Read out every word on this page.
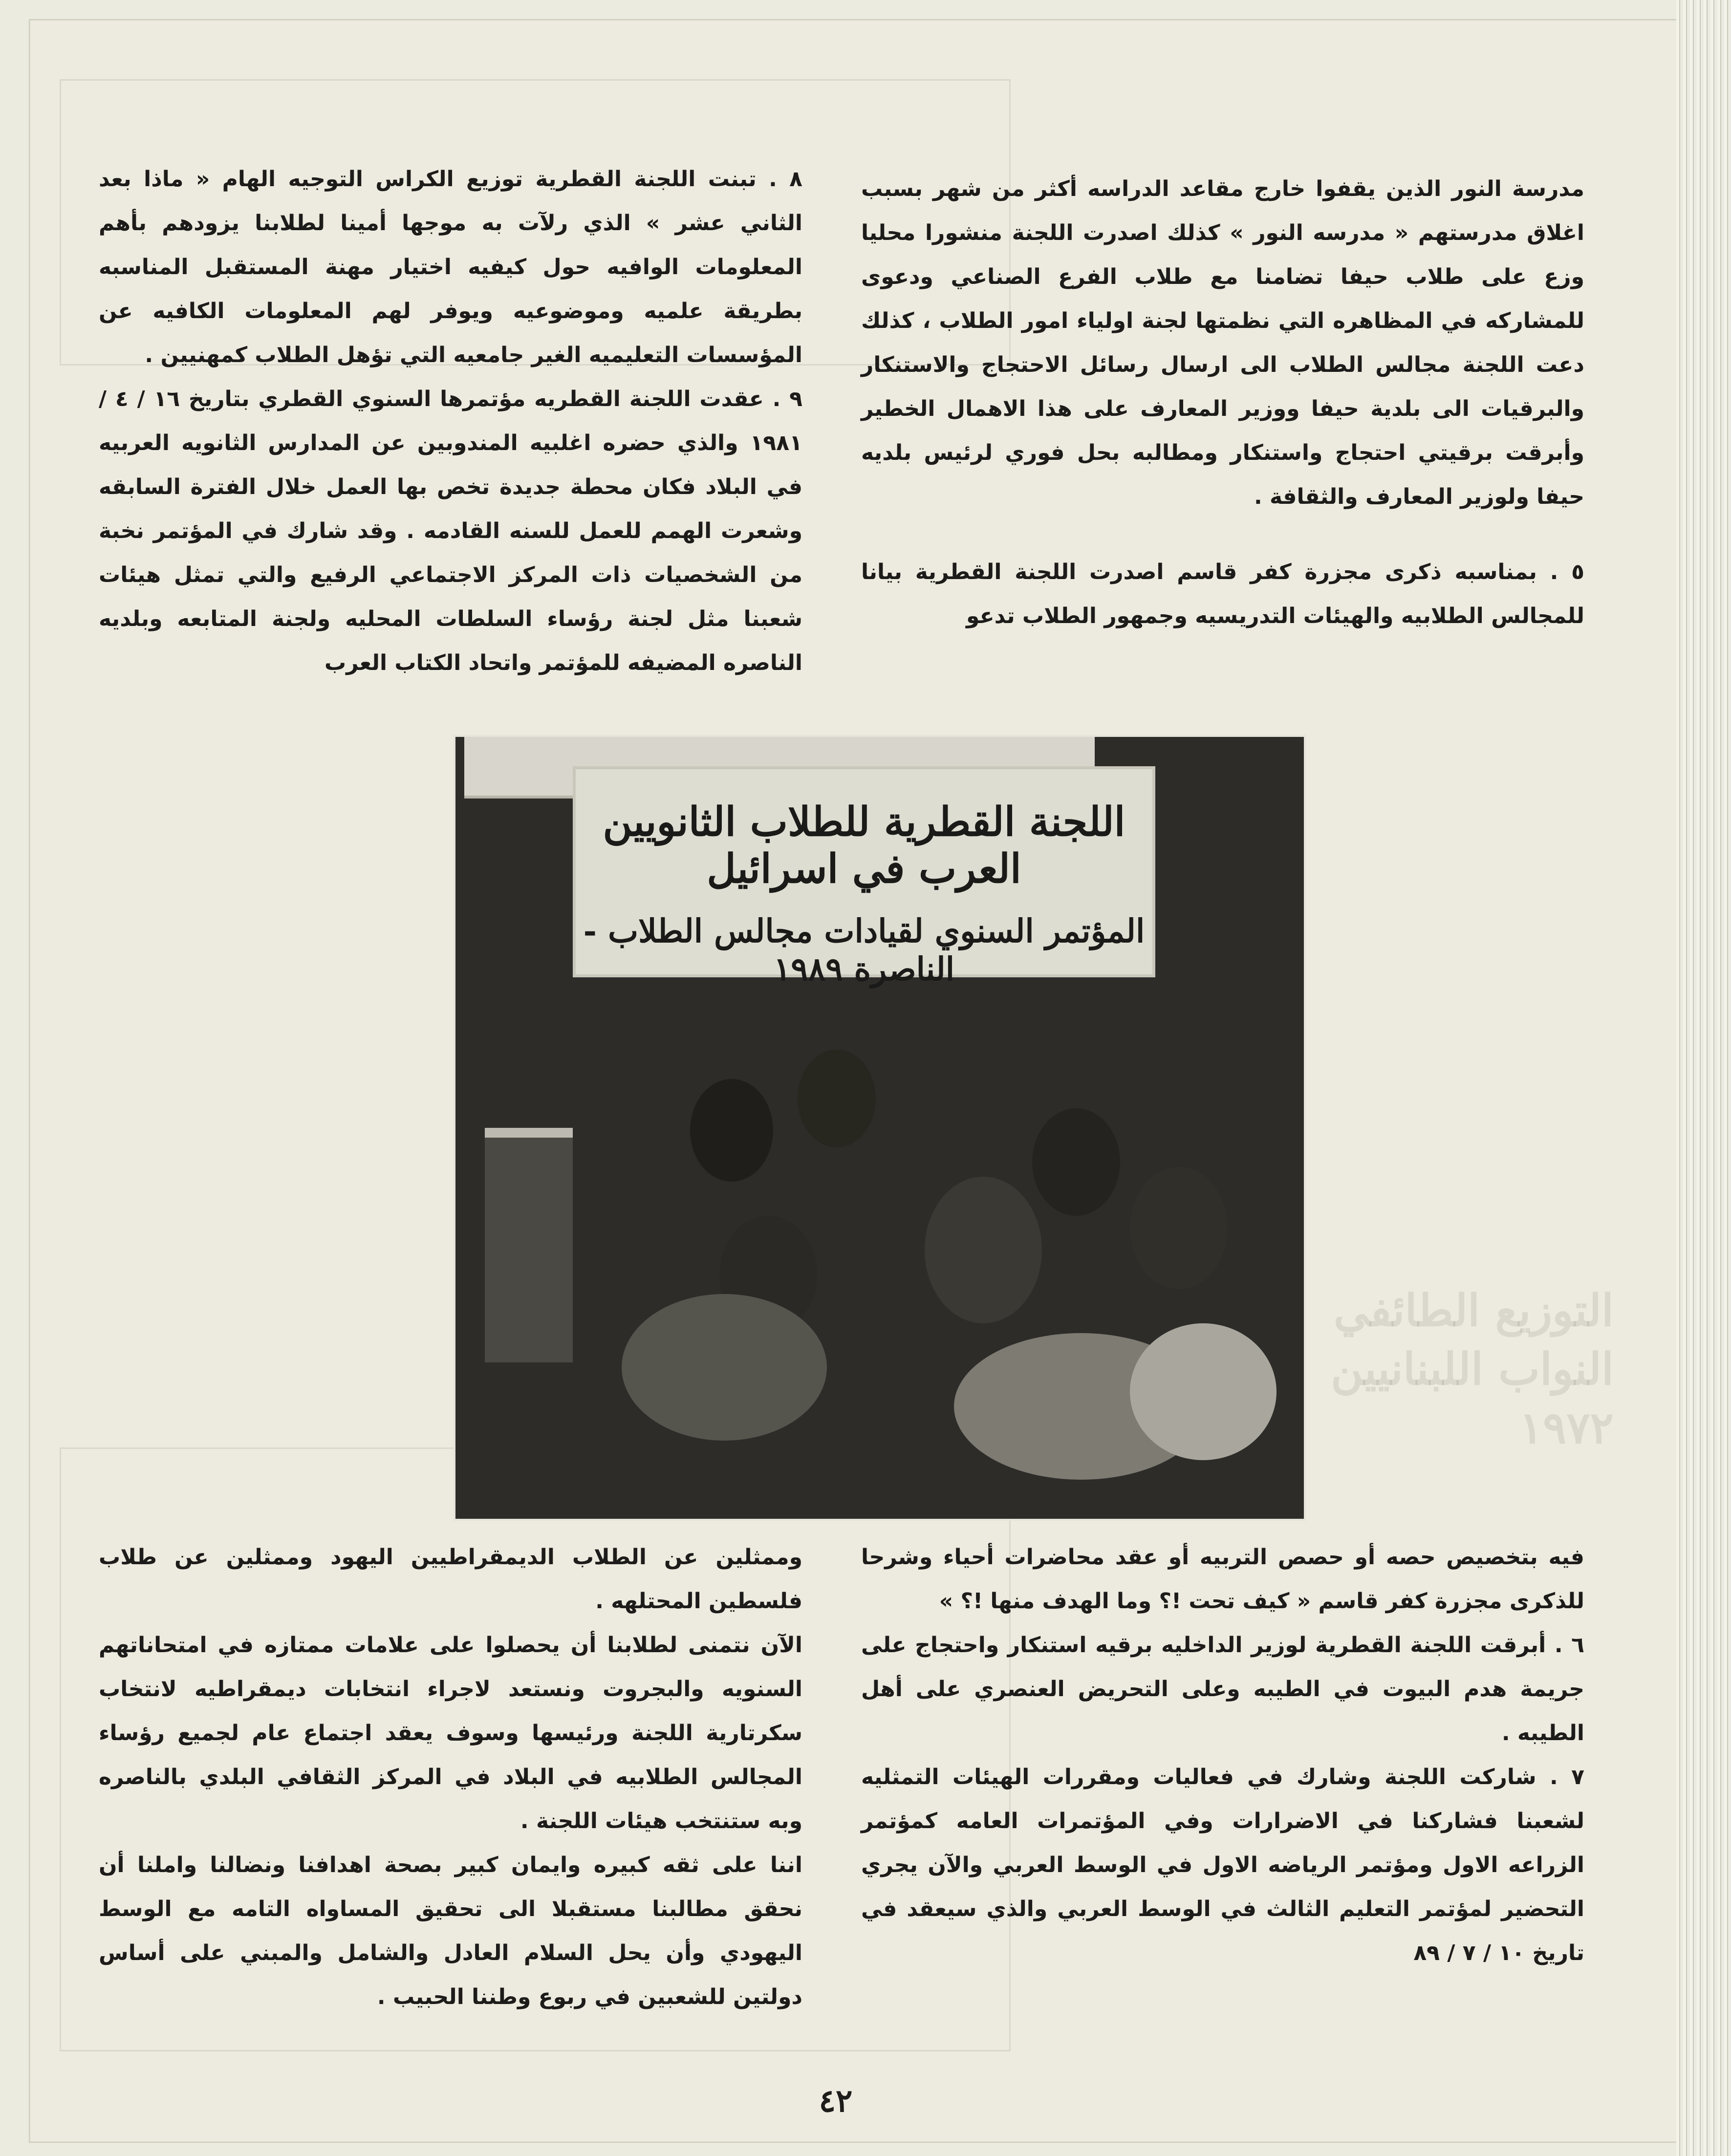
التوزيع الطائفي النواب اللبنانيين ١٩٧٢

مدرسة النور الذين يقفوا خارج مقاعد الدراسه أكثر من شهر بسبب اغلاق مدرستهم « مدرسه النور » كذلك اصدرت اللجنة منشورا محليا وزع على طلاب حيفا تضامنا مع طلاب الفرع الصناعي ودعوى للمشاركه في المظاهره التي نظمتها لجنة اولياء امور الطلاب ، كذلك دعت اللجنة مجالس الطلاب الى ارسال رسائل الاحتجاج والاستنكار والبرقيات الى بلدية حيفا ووزير المعارف على هذا الاهمال الخطير وأبرقت برقيتي احتجاج واستنكار ومطالبه بحل فوري لرئيس بلديه حيفا ولوزير المعارف والثقافة .

٥ . بمناسبه ذكرى مجزرة كفر قاسم اصدرت اللجنة القطرية بيانا للمجالس الطلابيه والهيئات التدريسيه وجمهور الطلاب تدعو

٨ . تبنت اللجنة القطرية توزيع الكراس التوجيه الهام « ماذا بعد الثاني عشر » الذي رلآت به موجها أمينا لطلابنا يزودهم بأهم المعلومات الوافيه حول كيفيه اختيار مهنة المستقبل المناسبه بطريقة علميه وموضوعيه ويوفر لهم المعلومات الكافيه عن المؤسسات التعليميه الغير جامعيه التي تؤهل الطلاب كمهنيين .

٩ . عقدت اللجنة القطريه مؤتمرها السنوي القطري بتاريخ ١٦ / ٤ / ١٩٨١ والذي حضره اغلبيه المندوبين عن المدارس الثانويه العربيه في البلاد فكان محطة جديدة تخص بها العمل خلال الفترة السابقه وشعرت الهمم للعمل للسنه القادمه . وقد شارك في المؤتمر نخبة من الشخصيات ذات المركز الاجتماعي الرفيع والتي تمثل هيئات شعبنا مثل لجنة رؤساء السلطات المحليه ولجنة المتابعه وبلديه الناصره المضيفه للمؤتمر واتحاد الكتاب العرب

اللجنة القطرية للطلاب الثانويين العرب في اسرائيل
المؤتمر السنوي لقيادات مجالس الطلاب - الناصرة ١٩٨٩

فيه بتخصيص حصه أو حصص التربيه أو عقد محاضرات أحياء وشرحا للذكرى مجزرة كفر قاسم « كيف تحت !؟ وما الهدف منها !؟ »

٦ . أبرقت اللجنة القطرية لوزير الداخليه برقيه استنكار واحتجاج على جريمة هدم البيوت في الطيبه وعلى التحريض العنصري على أهل الطيبه .

٧ . شاركت اللجنة وشارك في فعاليات ومقررات الهيئات التمثليه لشعبنا فشاركنا في الاضرارات وفي المؤتمرات العامه كمؤتمر الزراعه الاول ومؤتمر الرياضه الاول في الوسط العربي والآن يجري التحضير لمؤتمر التعليم الثالث في الوسط العربي والذي سيعقد في تاريخ ١٠ / ٧ / ٨٩

وممثلين عن الطلاب الديمقراطيين اليهود وممثلين عن طلاب فلسطين المحتلهه .

الآن نتمنى لطلابنا أن يحصلوا على علامات ممتازه في امتحاناتهم السنويه والبجروت ونستعد لاجراء انتخابات ديمقراطيه لانتخاب سكرتارية اللجنة ورئيسها وسوف يعقد اجتماع عام لجميع رؤساء المجالس الطلابيه في البلاد في المركز الثقافي البلدي بالناصره وبه ستنتخب هيئات اللجنة .

اننا على ثقه كبيره وايمان كبير بصحة اهدافنا ونضالنا واملنا أن نحقق مطالبنا مستقبلا الى تحقيق المساواه التامه مع الوسط اليهودي وأن يحل السلام العادل والشامل والمبني على أساس دولتين للشعبين في ربوع وطننا الحبيب .

٤٢
